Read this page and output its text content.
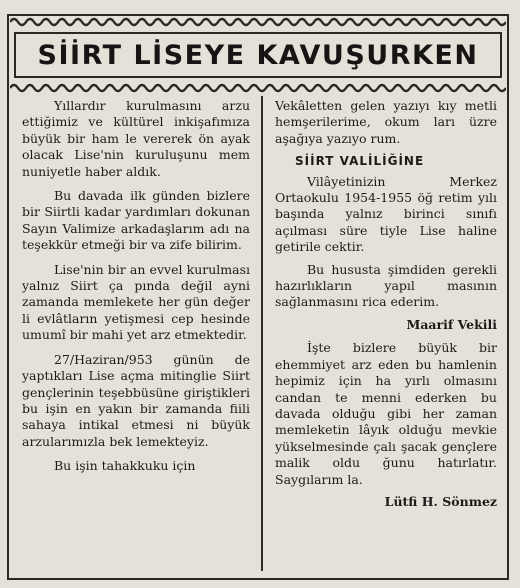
SİİRT LİSEYE KAVUŞURKEN

Yıllardır kurulmasını arzu ettiğimiz ve kültürel inkişafımıza büyük bir ham le vererek ön ayak olacak Lise'nin kuruluşunu mem nuniyetle haber aldık.

Bu davada ilk günden bizlere bir Siirtli kadar yardımları dokunan Sayın Valimize arkadaşlarım adı na teşekkür etmeği bir va zife bilirim.

Lise'nin bir an evvel kurulması yalnız Siirt ça pında değil ayni zamanda memlekete her gün değer li evlâtların yetişmesi cep hesinde umumî bir mahi yet arz etmektedir.

27/Haziran/953 günün de yaptıkları Lise açma mitinglie Siirt gençlerinin teşebbüsüne giriştikleri bu işin en yakın bir zamanda fiili sahaya intikal etmesi ni büyük arzularımızla bek lemekteyiz.

Bu işin tahakkuku için

Vekâletten gelen yazıyı kıy metli hemşerilerime, okum ları üzre aşağıya yazıyo rum.

SİİRT VALİLİĞİNE

Vilâyetinizin Merkez Ortaokulu 1954-1955 öğ retim yılı başında yalnız birinci sınıfı açılması süre tiyle Lise haline getirile cektir.

Bu hususta şimdiden gerekli hazırlıkların yapıl masının sağlanmasını rica ederim.

Maarif Vekili

İşte bizlere büyük bir ehemmiyet arz eden bu hamlenin hepimiz için ha yırlı olmasını candan te menni ederken bu davada olduğu gibi her zaman memleketin lâyık olduğu mevkie yükselmesinde çalı şacak gençlere malik oldu ğunu hatırlatır. Saygılarım la.

Lütfi H. Sönmez
